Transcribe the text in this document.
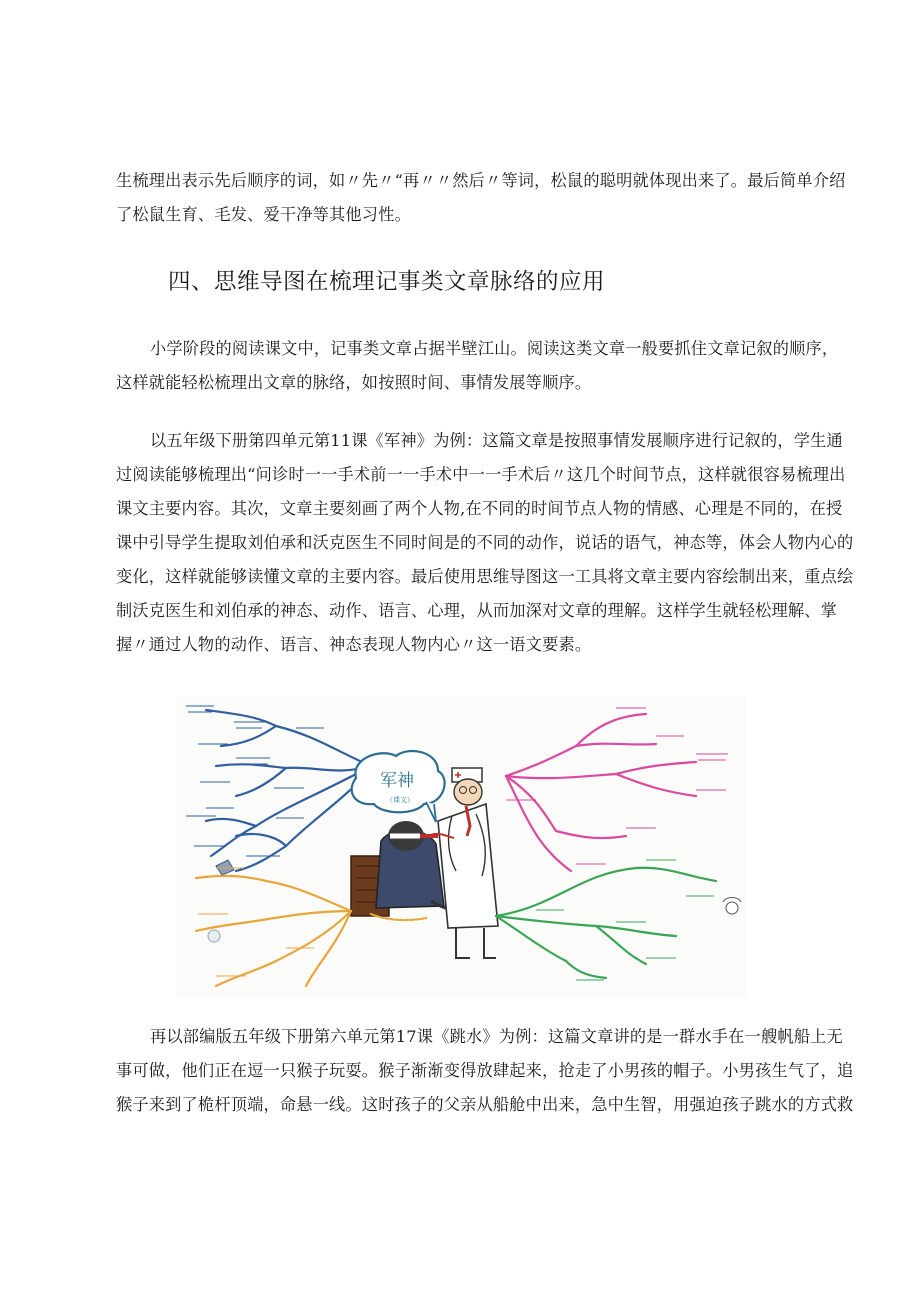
生梳理出表示先后顺序的词，如〃先〃“再〃〃然后〃等词，松鼠的聪明就体现出来了。最后简单介绍
了松鼠生育、毛发、爱干净等其他习性。

四、思维导图在梳理记事类文章脉络的应用

小学阶段的阅读课文中，记事类文章占据半壁江山。阅读这类文章一般要抓住文章记叙的顺序，
这样就能轻松梳理出文章的脉络，如按照时间、事情发展等顺序。

以五年级下册第四单元第11课《军神》为例：这篇文章是按照事情发展顺序进行记叙的，学生通
过阅读能够梳理出“问诊时一一手术前一一手术中一一手术后〃这几个时间节点，这样就很容易梳理出
课文主要内容。其次，文章主要刻画了两个人物,在不同的时间节点人物的情感、心理是不同的，在授
课中引导学生提取刘伯承和沃克医生不同时间是的不同的动作，说话的语气，神态等，体会人物内心的
变化，这样就能够读懂文章的主要内容。最后使用思维导图这一工具将文章主要内容绘制出来，重点绘
制沃克医生和刘伯承的神态、动作、语言、心理，从而加深对文章的理解。这样学生就轻松理解、掌
握〃通过人物的动作、语言、神态表现人物内心〃这一语文要素。

军神
（课文）

再以部编版五年级下册第六单元第17课《跳水》为例：这篇文章讲的是一群水手在一艘帆船上无
事可做，他们正在逗一只猴子玩耍。猴子渐渐变得放肆起来，抢走了小男孩的帽子。小男孩生气了，追
猴子来到了桅杆顶端，命悬一线。这时孩子的父亲从船舱中出来，急中生智，用强迫孩子跳水的方式救
